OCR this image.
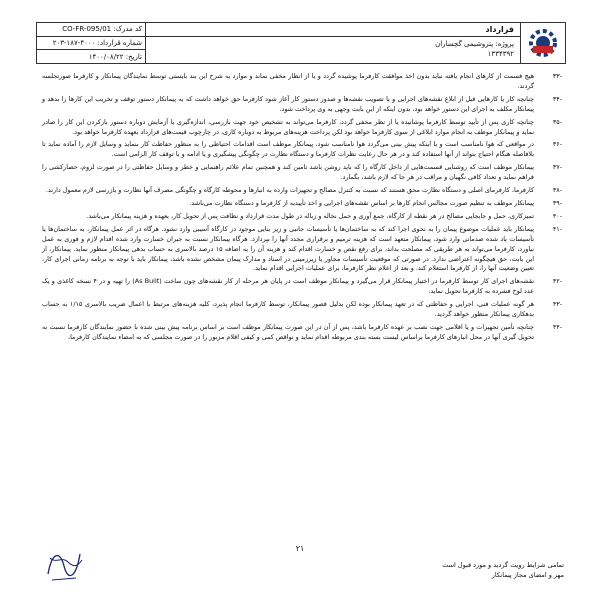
کد مدرک: CO-FR-095/01
شماره قرارداد: ۴۰۰۰-۱۸۷-۲۰۳
تاریخ: ۱۴۰۰/۰۸/۲۲
قرارداد
پروژه: پتروشیمی گچساران
۱۳۳۴۳۹۲
-۳۳
هیچ قسمت از کارهای انجام یافته نباید بدون اخذ موافقت کارفرما پوشیده گردد و یا از انظار مخفی بماند و موارد به شرح این بند بایستی توسط نمایندگان پیمانکار و کارفرما صورتجلسه گردند.
-۳۴
چنانچه کار یا کارهایی قبل از ابلاغ نقشه‌های اجرایی و یا تصویب نقشه‌ها و صدور دستور کار آغاز شود کارفرما حق خواهد داشت که به پیمانکار دستور توقف و تخریب این کارها را بدهد و پیمانکار مکلف به اجرای این دستور خواهد بود، بدون اینکه از این بابت وجهی به وی پرداخت شود.
-۳۵
چنانچه کاری پس از تأیید توسط کارفرما پوشانیده یا از نظر مخفی گردد، کارفرما می‌تواند به تشخیص خود جهت بازرسی، اندازه‌گیری یا آزمایش دوباره دستور بازکردن این کار را صادر نماید و پیمانکار موظف به انجام موارد ابلاغی از سوی کارفرما خواهد بود لکن پرداخت هزینه‌های مربوط به دوباره کاری، در چارچوب قیمت‌های قرارداد بعهده کارفرما خواهد بود.
-۳۶
در مواقعی که هوا نامناسب است و یا اینکه پیش بینی می‌گردد هوا نامناسب شود، پیمانکار موظف است اقدامات احتیاطی را به منظور حفاظت کار بنماید و وسایل لازم را آماده نماید تا بلافاصله هنگام احتیاج بتواند از آنها استفاده کند و در هر حال رعایت نظرات کارفرما و دستگاه نظارت در چگونگی پیشگیری و یا ادامه و یا توقف کار الزامی است.
-۳۷
پیمانکار موظف است که روشنایی قسمت‌هایی از داخل کارگاه را که باید روشن باشد تامین کند و همچنین تمام علائم راهنمایی و خطر و وسایل حفاظتی را در صورت لزوم، حصارکشی را فراهم نماید و تعداد کافی نگهبان و مراقب در هر جا که لازم باشد، بگمارد.
-۳۸
کارفرما، کارفرمای اصلی و دستگاه نظارت محق هستند که نسبت به کنترل مصالح و تجهیزات وارده به انبارها و محوطه کارگاه و چگونگی مصرف آنها نظارت و بازرسی لازم معمول دارند.
-۳۹
پیمانکار موظف به تنظیم صورت مجالس انجام کارها بر اساس نقشه‌های اجرایی و اخذ تأییدیه از کارفرما و دستگاه نظارت می‌باشد.
-۴۰
تمیزکاری، حمل و جابجایی مصالح در هر نقطه از کارگاه، جمع آوری و حمل نخاله و زباله در طول مدت قرارداد و نظافت پس از تحویل کار، بعهده و هزینه پیمانکار می‌باشد.
-۴۱
پیمانکار باید عملیات موضوع پیمان را به نحوی اجرا کند که به ساختمان‌ها یا تأسیسات جانبی و زیر بنایی موجود در کارگاه آسیبی وارد نشود. هرگاه در اثر عمل پیمانکار، به ساختمان‌ها یا تأسیسات یاد شده صدماتی وارد شود، پیمانکار متعهد است که هزینه ترمیم و برقراری مجدد آنها را بپردازد. هرگاه پیمانکار نسبت به جبران خسارت وارد شده اقدام لازم و فوری به عمل نیاورد، کارفرما می‌تواند به هر طریقی که مصلحت بداند، برای رفع نقص و خسارت اقدام کند و هزینه آن را به اضافه ۱۵ درصد بالاسری به حساب بدهی پیمانکار منظور نماید. پیمانکار، از این بابت، حق هیچگونه اعتراضی ندارد. در صورتی که موقعیت تأسیسات مجاور یا زیرزمینی در اسناد و مدارک پیمان مشخص نشده باشد، پیمانکار باید با توجه به برنامه زمانی اجرای کار، تعیین وضعیت آنها را، از کارفرما استعلام کند. و بعد از اعلام نظر کارفرما، برای عملیات اجرایی اقدام نماید.
-۴۲
نقشه‌های اجرای کار توسط کارفرما در اختیار پیمانکار قرار می‌گیرد و پیمانکار موظف است در پایان هر مرحله از کار نقشه‌های چون ساخت (As Built) را تهیه و در ۴ نسخه کاغذی و یک عدد لوح فشرده به کارفرما تحویل نماید.
-۴۳
هر گونه عملیات فنی، اجرایی و حفاظتی که در تعهد پیمانکار بوده لکن بدلیل قصور پیمانکار، توسط کارفرما انجام پذیرد، کلیه هزینه‌های مرتبط با اعمال ضریب بالاسری ۱/۱۵ به حساب بدهکاری پیمانکار منظور خواهد گردید.
-۴۴
چنانچه تأمین تجهیزات و یا اقلامی جهت نصب بر عهده کارفرما باشد، پس از آن در این صورت پیمانکار موظف است بر اساس برنامه پیش بینی شده با حضور نمایندگان کارفرما نسبت به تحویل گیری آنها در محل انبارهای کارفرما براساس لیست بسته بندی مربوطه اقدام نماید و نواقص کمی و کیفی اقلام مزبور را در صورت مجلسی که به امضاء نمایندگان کارفرما،
۲۱
تمامی شرایط رویت گردید و مورد قبول است
مهر و امضای مجاز پیمانکار
